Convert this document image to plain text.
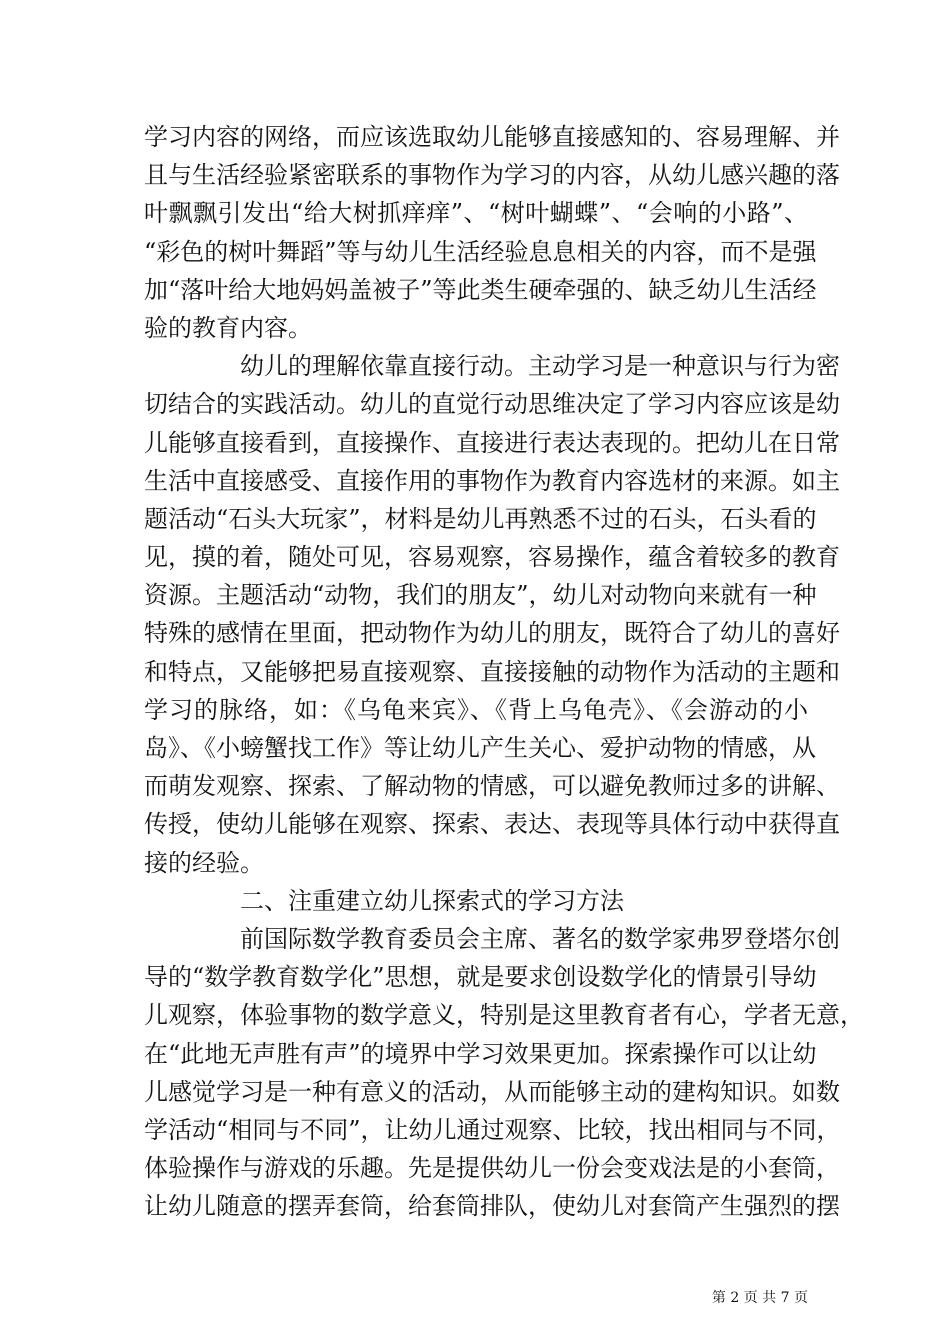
学习内容的网络，而应该选取幼儿能够直接感知的、容易理解、并
且与生活经验紧密联系的事物作为学习的内容，从幼儿感兴趣的落
叶飘飘引发出“给大树抓痒痒”、“树叶蝴蝶”、“会响的小路”、
“彩色的树叶舞蹈”等与幼儿生活经验息息相关的内容，而不是强
加“落叶给大地妈妈盖被子”等此类生硬牵强的、缺乏幼儿生活经
验的教育内容。
幼儿的理解依靠直接行动。主动学习是一种意识与行为密
切结合的实践活动。幼儿的直觉行动思维决定了学习内容应该是幼
儿能够直接看到，直接操作、直接进行表达表现的。把幼儿在日常
生活中直接感受、直接作用的事物作为教育内容选材的来源。如主
题活动“石头大玩家”，材料是幼儿再熟悉不过的石头，石头看的
见，摸的着，随处可见，容易观察，容易操作，蕴含着较多的教育
资源。主题活动“动物，我们的朋友”，幼儿对动物向来就有一种
特殊的感情在里面，把动物作为幼儿的朋友，既符合了幼儿的喜好
和特点，又能够把易直接观察、直接接触的动物作为活动的主题和
学习的脉络，如：《乌龟来宾》、《背上乌龟壳》、《会游动的小
岛》、《小螃蟹找工作》等让幼儿产生关心、爱护动物的情感，从
而萌发观察、探索、了解动物的情感，可以避免教师过多的讲解、
传授，使幼儿能够在观察、探索、表达、表现等具体行动中获得直
接的经验。
二、注重建立幼儿探索式的学习方法
前国际数学教育委员会主席、著名的数学家弗罗登塔尔创
导的“数学教育数学化”思想，就是要求创设数学化的情景引导幼
儿观察，体验事物的数学意义，特别是这里教育者有心，学者无意，
在“此地无声胜有声”的境界中学习效果更加。探索操作可以让幼
儿感觉学习是一种有意义的活动，从而能够主动的建构知识。如数
学活动“相同与不同”，让幼儿通过观察、比较，找出相同与不同，
体验操作与游戏的乐趣。先是提供幼儿一份会变戏法是的小套筒，
让幼儿随意的摆弄套筒，给套筒排队，使幼儿对套筒产生强烈的摆
第 2 页 共 7 页
